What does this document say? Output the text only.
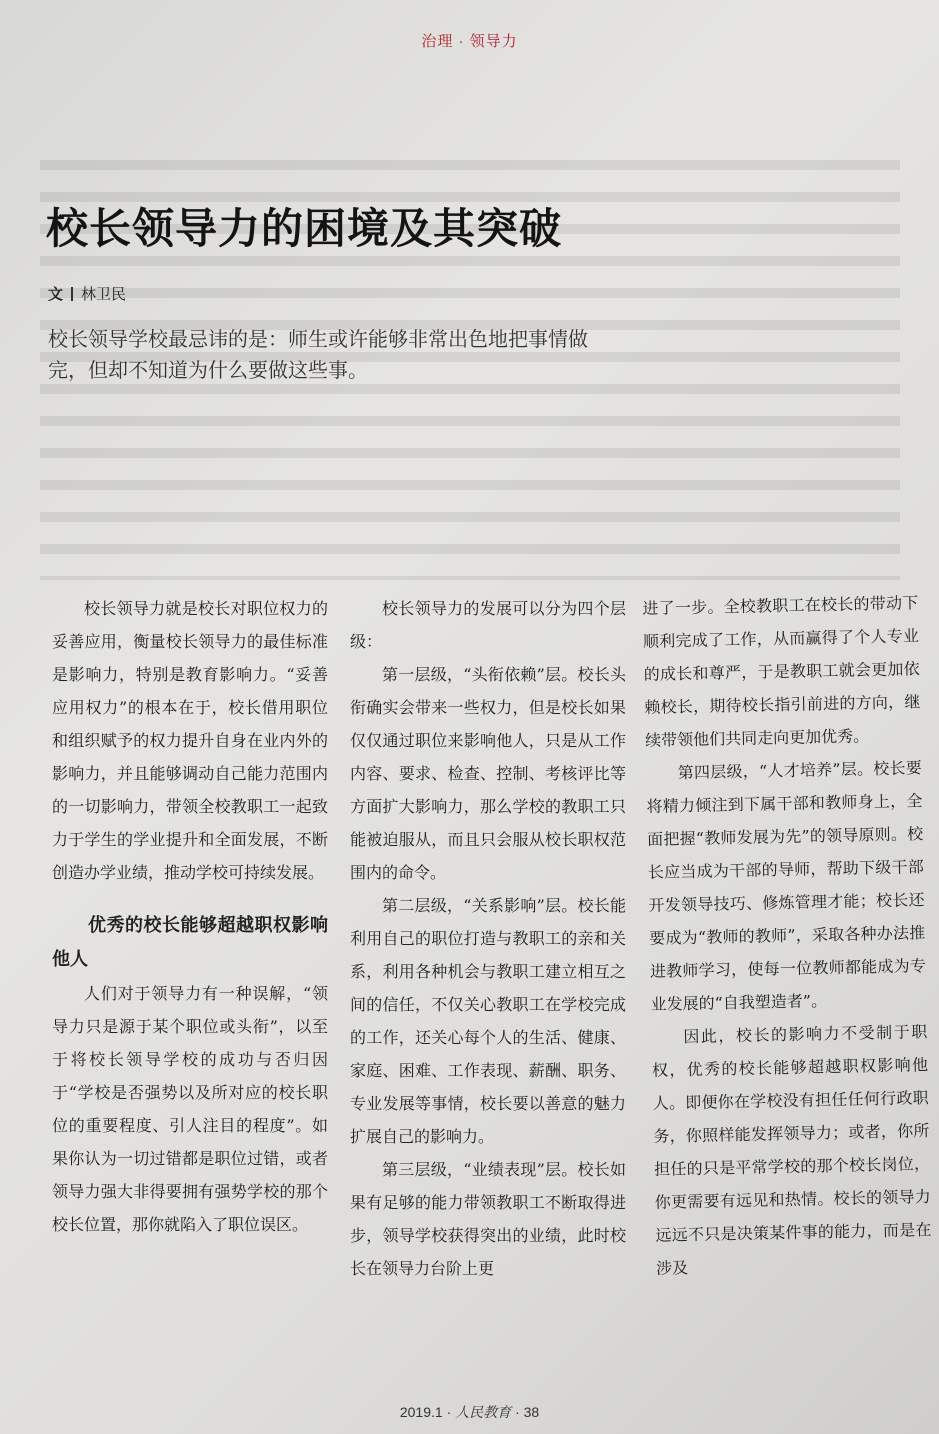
治理 · 领导力
校长领导力的困境及其突破
文 林卫民
校长领导学校最忌讳的是：师生或许能够非常出色地把事情做完，但却不知道为什么要做这些事。

校长领导力就是校长对职位权力的妥善应用，衡量校长领导力的最佳标准是影响力，特别是教育影响力。“妥善应用权力”的根本在于，校长借用职位和组织赋予的权力提升自身在业内外的影响力，并且能够调动自己能力范围内的一切影响力，带领全校教职工一起致力于学生的学业提升和全面发展，不断创造办学业绩，推动学校可持续发展。

优秀的校长能够超越职权影响他人

人们对于领导力有一种误解，“领导力只是源于某个职位或头衔”，以至于将校长领导学校的成功与否归因于“学校是否强势以及所对应的校长职位的重要程度、引人注目的程度”。如果你认为一切过错都是职位过错，或者领导力强大非得要拥有强势学校的那个校长位置，那你就陷入了职位误区。

校长领导力的发展可以分为四个层级：

第一层级，“头衔依赖”层。校长头衔确实会带来一些权力，但是校长如果仅仅通过职位来影响他人，只是从工作内容、要求、检查、控制、考核评比等方面扩大影响力，那么学校的教职工只能被迫服从，而且只会服从校长职权范围内的命令。

第二层级，“关系影响”层。校长能利用自己的职位打造与教职工的亲和关系，利用各种机会与教职工建立相互之间的信任，不仅关心教职工在学校完成的工作，还关心每个人的生活、健康、家庭、困难、工作表现、薪酬、职务、专业发展等事情，校长要以善意的魅力扩展自己的影响力。

第三层级，“业绩表现”层。校长如果有足够的能力带领教职工不断取得进步，领导学校获得突出的业绩，此时校长在领导力台阶上更

进了一步。全校教职工在校长的带动下顺利完成了工作，从而赢得了个人专业的成长和尊严，于是教职工就会更加依赖校长，期待校长指引前进的方向，继续带领他们共同走向更加优秀。

第四层级，“人才培养”层。校长要将精力倾注到下属干部和教师身上，全面把握“教师发展为先”的领导原则。校长应当成为干部的导师，帮助下级干部开发领导技巧、修炼管理才能；校长还要成为“教师的教师”，采取各种办法推进教师学习，使每一位教师都能成为专业发展的“自我塑造者”。

因此，校长的影响力不受制于职权，优秀的校长能够超越职权影响他人。即便你在学校没有担任任何行政职务，你照样能发挥领导力；或者，你所担任的只是平常学校的那个校长岗位，你更需要有远见和热情。校长的领导力远远不只是决策某件事的能力，而是在涉及

2019.1 · 人民教育 · 38
